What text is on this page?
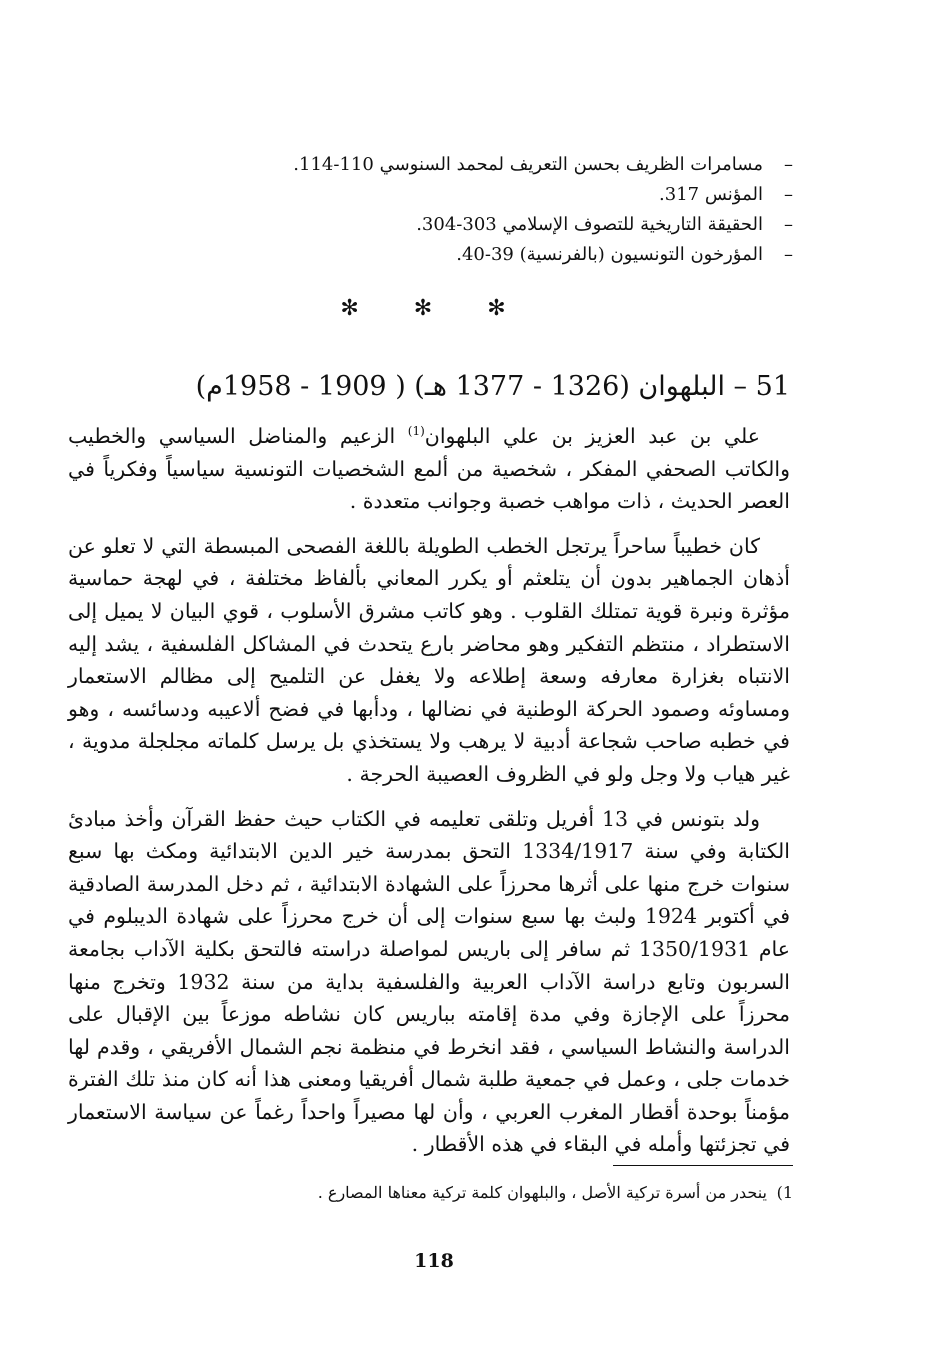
–مسامرات الظريف بحسن التعريف لمحمد السنوسي 110-114.
–المؤنس 317.
–الحقيقة التاريخية للتصوف الإسلامي 303-304.
–المؤرخون التونسيون (بالفرنسية) 39-40.
✻ ✻ ✻
51 – البلهوان (1326 - 1377 هـ) ( 1909 - 1958م)

علي بن عبد العزيز بن علي البلهوان$^{(1)}$ الزعيم والمناضل السياسي والخطيب والكاتب الصحفي المفكر ، شخصية من ألمع الشخصيات التونسية سياسياً وفكرياً في العصر الحديث ، ذات مواهب خصبة وجوانب متعددة .

كان خطيباً ساحراً يرتجل الخطب الطويلة باللغة الفصحى المبسطة التي لا تعلو عن أذهان الجماهير بدون أن يتلعثم أو يكرر المعاني بألفاظ مختلفة ، في لهجة حماسية مؤثرة ونبرة قوية تمتلك القلوب . وهو كاتب مشرق الأسلوب ، قوي البيان لا يميل إلى الاستطراد ، منتظم التفكير وهو محاضر بارع يتحدث في المشاكل الفلسفية ، يشد إليه الانتباه بغزارة معارفه وسعة إطلاعه ولا يغفل عن التلميح إلى مظالم الاستعمار ومساوئه وصمود الحركة الوطنية في نضالها ، ودأبها في فضح ألاعيبه ودسائسه ، وهو في خطبه صاحب شجاعة أدبية لا يرهب ولا يستخذي بل يرسل كلماته مجلجلة مدوية ، غير هياب ولا وجل ولو في الظروف العصيبة الحرجة .

ولد بتونس في 13 أفريل وتلقى تعليمه في الكتاب حيث حفظ القرآن وأخذ مبادئ الكتابة وفي سنة 1334/1917 التحق بمدرسة خير الدين الابتدائية ومكث بها سبع سنوات خرج منها على أثرها محرزاً على الشهادة الابتدائية ، ثم دخل المدرسة الصادقية في أكتوبر 1924 ولبث بها سبع سنوات إلى أن خرج محرزاً على شهادة الديبلوم في عام 1350/1931 ثم سافر إلى باريس لمواصلة دراسته فالتحق بكلية الآداب بجامعة السربون وتابع دراسة الآداب العربية والفلسفية بداية من سنة 1932 وتخرج منها محرزاً على الإجازة وفي مدة إقامته بباريس كان نشاطه موزعاً بين الإقبال على الدراسة والنشاط السياسي ، فقد انخرط في منظمة نجم الشمال الأفريقي ، وقدم لها خدمات جلى ، وعمل في جمعية طلبة شمال أفريقيا ومعنى هذا أنه كان منذ تلك الفترة مؤمناً بوحدة أقطار المغرب العربي ، وأن لها مصيراً واحداً رغماً عن سياسة الاستعمار في تجزئتها وأمله في البقاء في هذه الأقطار .

1)ينحدر من أسرة تركية الأصل ، والبلهوان كلمة تركية معناها المصارع .
118
